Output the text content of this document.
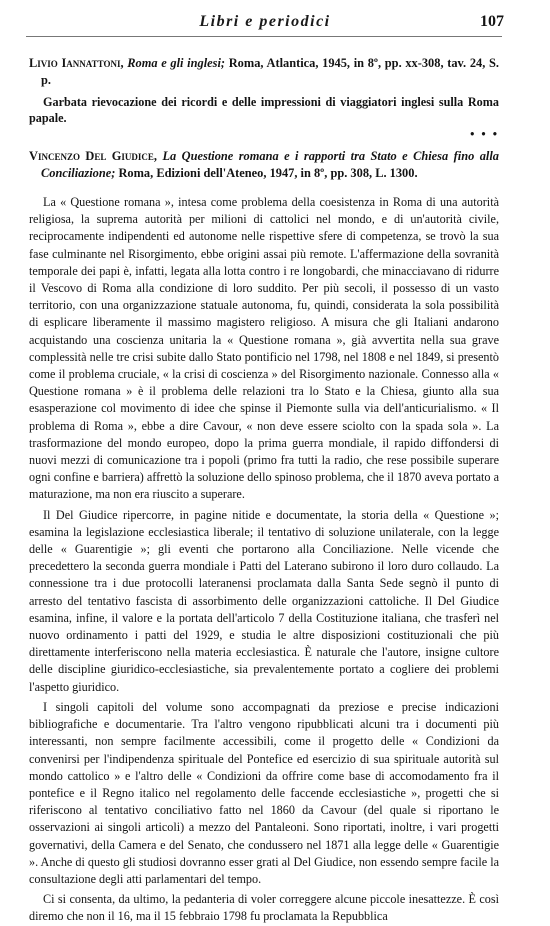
Libri e periodici	107

Livio Iannattoni, Roma e gli inglesi; Roma, Atlantica, 1945, in 8º, pp. xx-308, tav. 24, S. p.

Garbata rievocazione dei ricordi e delle impressioni di viaggiatori inglesi sulla Roma papale.

• • •

Vincenzo Del Giudice, La Questione romana e i rapporti tra Stato e Chiesa fino alla Conciliazione; Roma, Edizioni dell'Ateneo, 1947, in 8º, pp. 308, L. 1300.

La « Questione romana », intesa come problema della coesistenza in Roma di una autorità religiosa, la suprema autorità per milioni di cattolici nel mondo, e di un'autorità civile, reciprocamente indipendenti ed autonome nelle rispettive sfere di competenza, se trovò la sua fase culminante nel Risorgimento, ebbe origini assai più remote. L'affermazione della sovranità temporale dei papi è, infatti, legata alla lotta contro i re longobardi, che minacciavano di ridurre il Vescovo di Roma alla condizione di loro suddito. Per più secoli, il possesso di un vasto territorio, con una organizzazione statuale autonoma, fu, quindi, considerata la sola possibilità di esplicare liberamente il massimo magistero religioso. A misura che gli Italiani andarono acquistando una coscienza unitaria la « Questione romana », già avvertita nella sua grave complessità nelle tre crisi subite dallo Stato pontificio nel 1798, nel 1808 e nel 1849, si presentò come il problema cruciale, « la crisi di coscienza » del Risorgimento nazionale. Connesso alla « Questione romana » è il problema delle relazioni tra lo Stato e la Chiesa, giunto alla sua esasperazione col movimento di idee che spinse il Piemonte sulla via dell'anticurialismo. « Il problema di Roma », ebbe a dire Cavour, « non deve essere sciolto con la spada sola ». La trasformazione del mondo europeo, dopo la prima guerra mondiale, il rapido diffondersi di nuovi mezzi di comunicazione tra i popoli (primo fra tutti la radio, che rese possibile superare ogni confine e barriera) affrettò la soluzione dello spinoso problema, che il 1870 aveva portato a maturazione, ma non era riuscito a superare.

Il Del Giudice ripercorre, in pagine nitide e documentate, la storia della « Questione »; esamina la legislazione ecclesiastica liberale; il tentativo di soluzione unilaterale, con la legge delle « Guarentigie »; gli eventi che portarono alla Conciliazione. Nelle vicende che precedettero la seconda guerra mondiale i Patti del Laterano subirono il loro duro collaudo. La connessione tra i due protocolli lateranensi proclamata dalla Santa Sede segnò il punto di arresto del tentativo fascista di assorbimento delle organizzazioni cattoliche. Il Del Giudice esamina, infine, il valore e la portata dell'articolo 7 della Costituzione italiana, che trasferì nel nuovo ordinamento i patti del 1929, e studia le altre disposizioni costituzionali che più direttamente interferiscono nella materia ecclesiastica. È naturale che l'autore, insigne cultore delle discipline giuridico-ecclesiastiche, sia prevalentemente portato a cogliere dei problemi l'aspetto giuridico.

I singoli capitoli del volume sono accompagnati da preziose e precise indicazioni bibliografiche e documentarie. Tra l'altro vengono ripubblicati alcuni tra i documenti più interessanti, non sempre facilmente accessibili, come il progetto delle « Condizioni da convenirsi per l'indipendenza spirituale del Pontefice ed esercizio di sua spirituale autorità sul mondo cattolico » e l'altro delle « Condizioni da offrire come base di accomodamento fra il pontefice e il Regno italico nel regolamento delle faccende ecclesiastiche », progetti che si riferiscono al tentativo conciliativo fatto nel 1860 da Cavour (del quale si riportano le osservazioni ai singoli articoli) a mezzo del Pantaleoni. Sono riportati, inoltre, i vari progetti governativi, della Camera e del Senato, che condussero nel 1871 alla legge delle « Guarentigie ». Anche di questo gli studiosi dovranno esser grati al Del Giudice, non essendo sempre facile la consultazione degli atti parlamentari del tempo.

Ci si consenta, da ultimo, la pedanteria di voler correggere alcune piccole inesattezze. È così diremo che non il 16, ma il 15 febbraio 1798 fu proclamata la Repubblica
